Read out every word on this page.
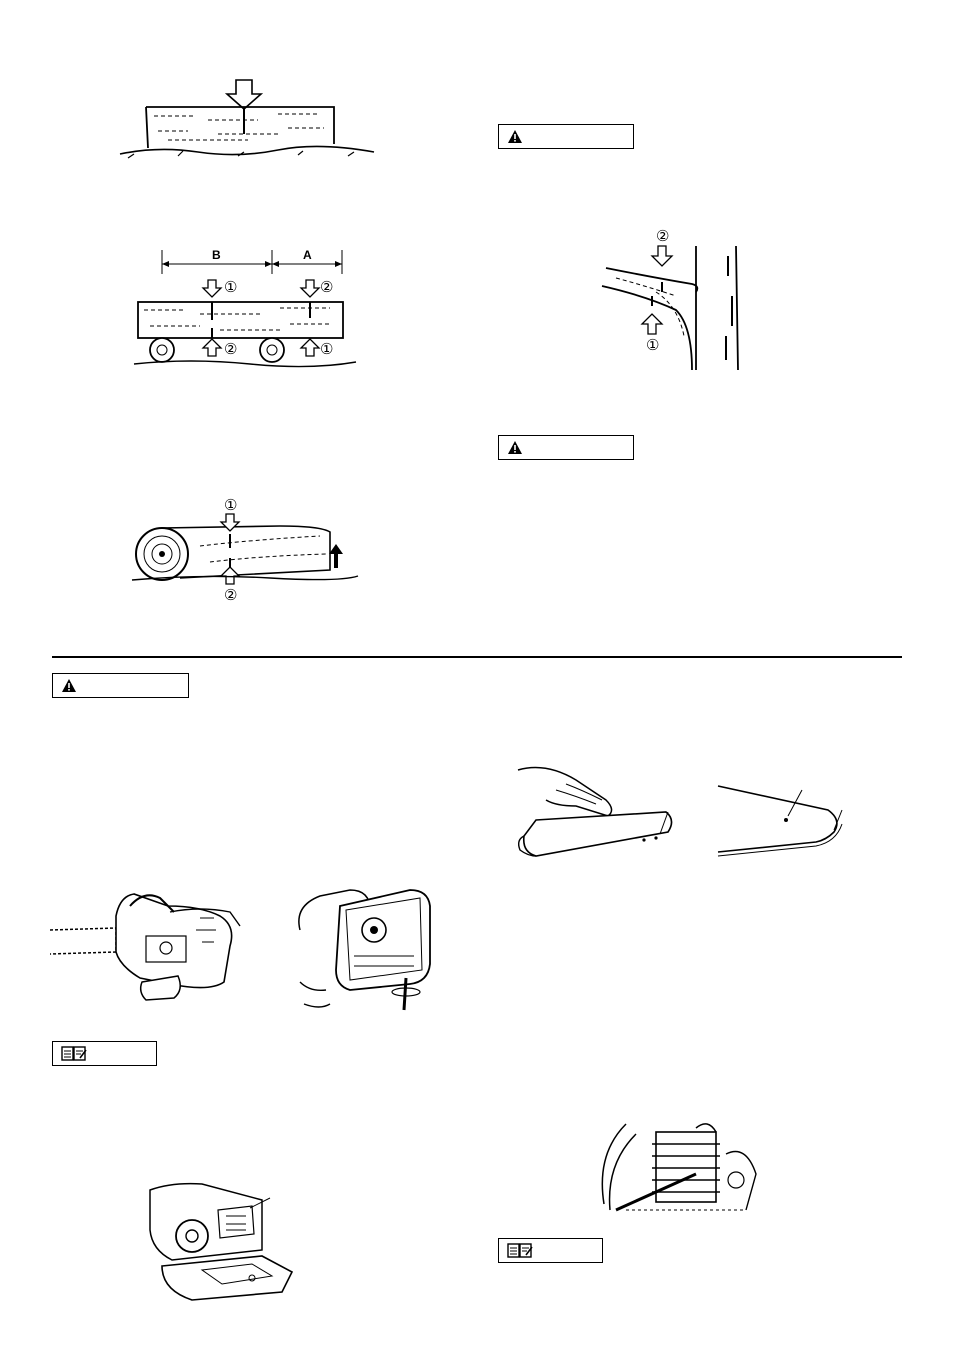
B	A
①	②
②	①
①
②
②
①
